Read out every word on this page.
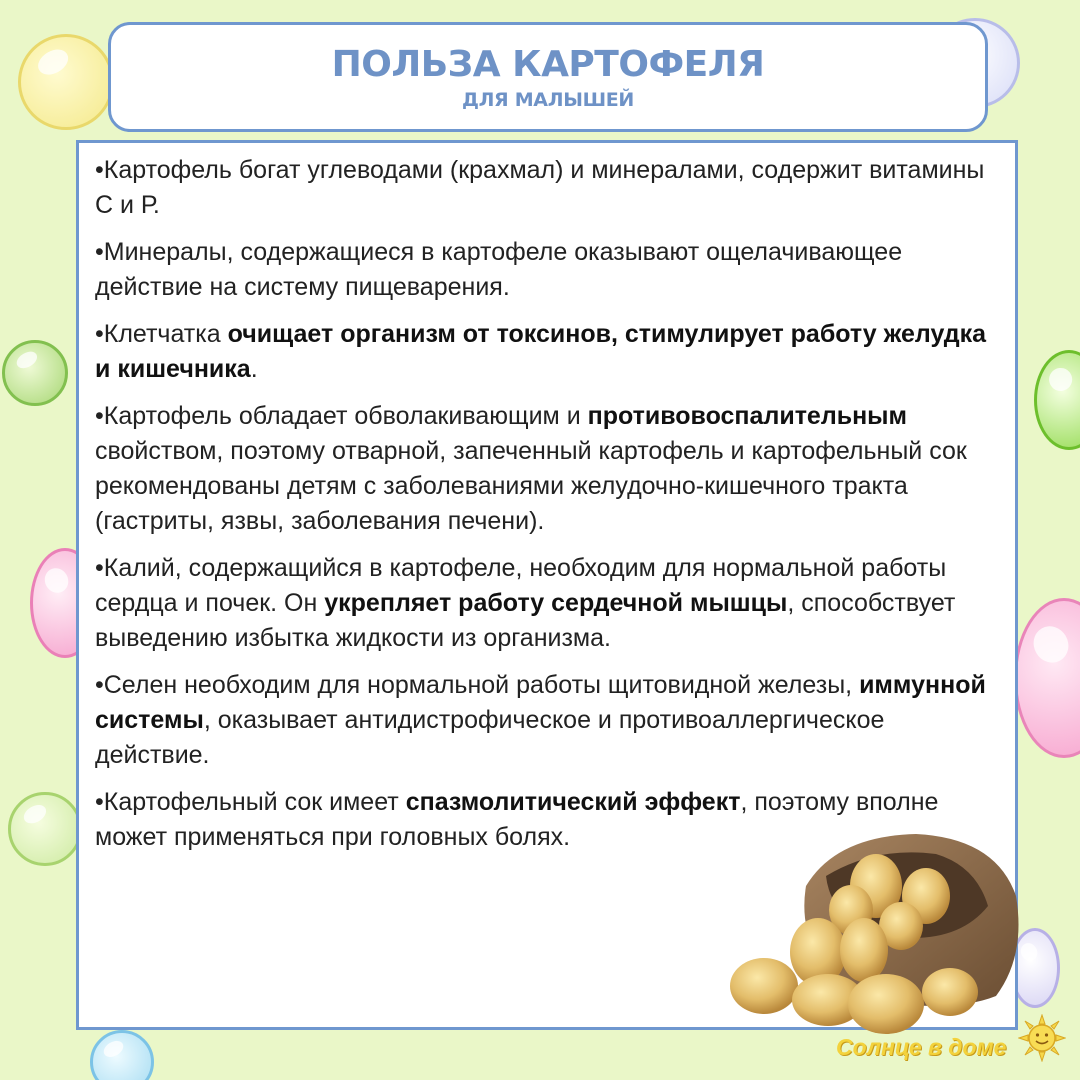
ПОЛЬЗА КАРТОФЕЛЯ
ДЛЯ МАЛЫШЕЙ

•Картофель богат углеводами (крахмал) и минералами, содержит витамины С и Р.

•Минералы, содержащиеся в картофеле оказывают ощелачивающее действие на систему пищеварения.

•Клетчатка очищает организм от токсинов, стимулирует работу желудка и кишечника.

•Картофель обладает обволакивающим и противовоспалительным свойством, поэтому отварной, запеченный картофель и картофельный сок рекомендованы детям с заболеваниями желудочно-кишечного тракта (гастриты, язвы, заболевания печени).

•Калий, содержащийся в картофеле, необходим для нормальной работы сердца и почек. Он укрепляет работу сердечной мышцы, способствует выведению избытка жидкости из организма.

•Селен необходим для нормальной работы щитовидной железы, иммунной системы, оказывает антидистрофическое и противоаллергическое действие.

•Картофельный сок имеет спазмолитический эффект, поэтому вполне может применяться при головных болях.

Солнце в доме
